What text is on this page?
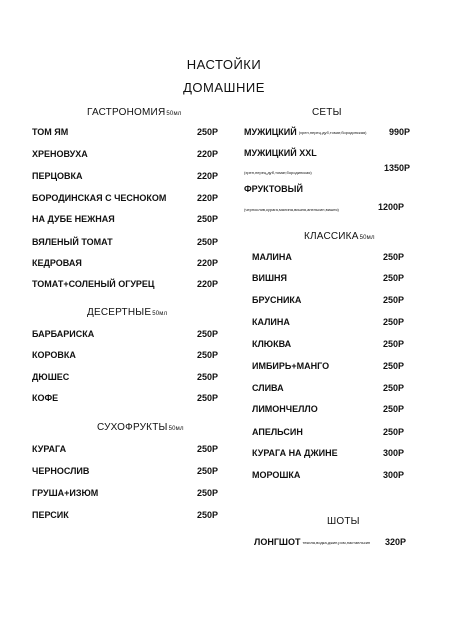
НАСТОЙКИ
ДОМАШНИЕ
ГАСТРОНОМИЯ50мл
ТОМ ЯМ	250Р
ХРЕНОВУХА	220Р
ПЕРЦОВКА	220Р
БОРОДИНСКАЯ С ЧЕСНОКОМ	220Р
НА ДУБЕ НЕЖНАЯ	250Р
ВЯЛЕНЫЙ ТОМАТ	250Р
КЕДРОВАЯ	220Р
ТОМАТ+СОЛЕНЫЙ ОГУРЕЦ	220Р
ДЕСЕРТНЫЕ50мл
БАРБАРИСКА	250Р
КОРОВКА	250Р
ДЮШЕС	250Р
КОФЕ	250Р
СУХОФРУКТЫ50мл
КУРАГА	250Р
ЧЕРНОСЛИВ	250Р
ГРУША+ИЗЮМ	250Р
ПЕРСИК	250Р
СЕТЫ
МУЖИЦКИЙ (хрен,перец,дуб,томат,бородинская)	990Р
МУЖИЦКИЙ XXL
(хрен,перец,дуб,томат,бородинская)	1350Р
ФРУКТОВЫЙ
(чернослив,курага,малина,вишня,апельсин,вишня)	1200Р
КЛАССИКА50мл
МАЛИНА	250Р
ВИШНЯ	250Р
БРУСНИКА	250Р
КАЛИНА	250Р
КЛЮКВА	250Р
ИМБИРЬ+МАНГО	250Р
СЛИВА	250Р
ЛИМОНЧЕЛЛО	250Р
АПЕЛЬСИН	250Р
КУРАГА НА ДЖИНЕ	300Р
МОРОШКА	300Р
ШОТЫ
ЛОНГШОТ текила,водка,джин,ром,настаельсин 320Р
